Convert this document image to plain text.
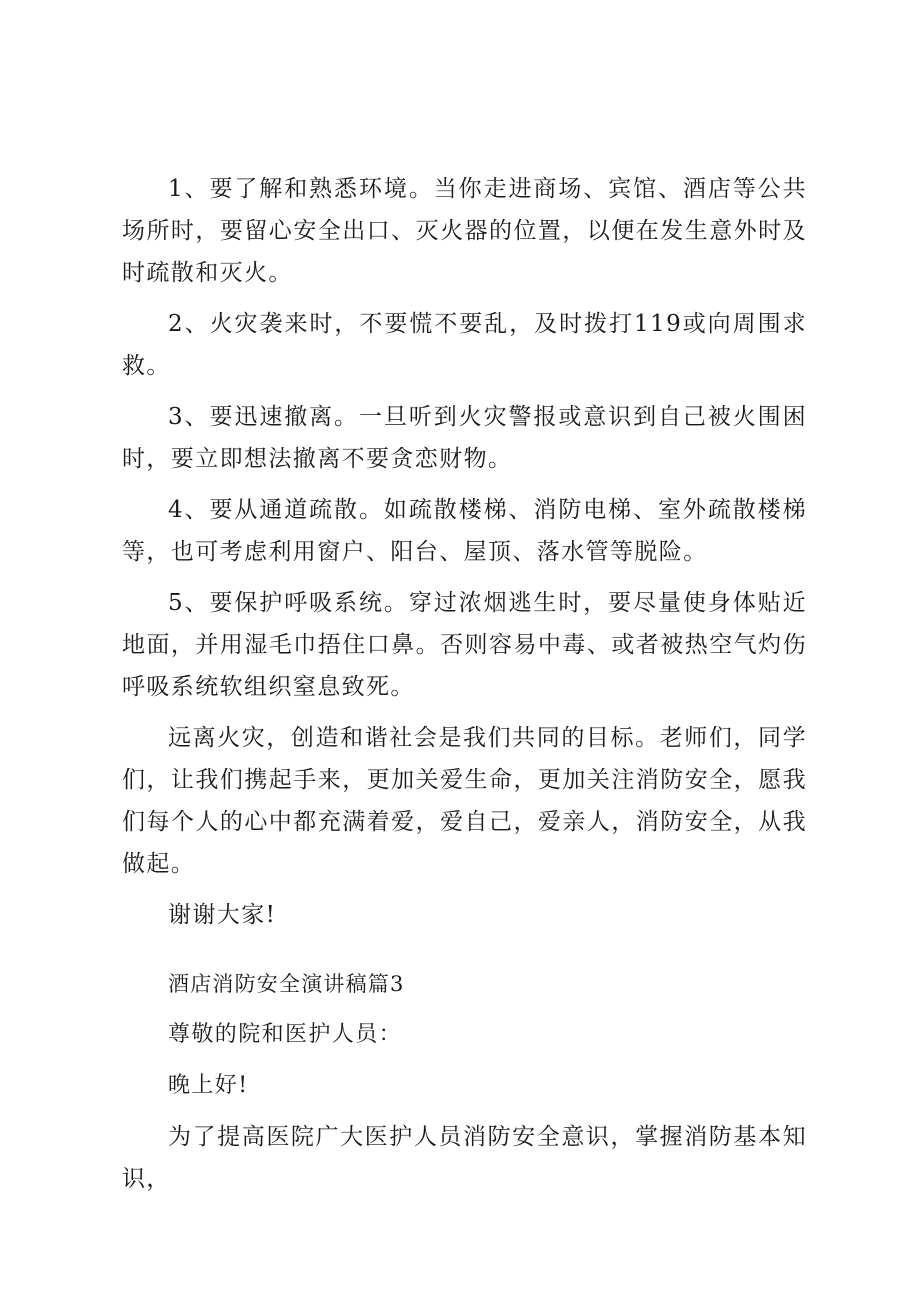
1、要了解和熟悉环境。当你走进商场、宾馆、酒店等公共场所时，要留心安全出口、灭火器的位置，以便在发生意外时及时疏散和灭火。

2、火灾袭来时，不要慌不要乱，及时拨打119或向周围求救。

3、要迅速撤离。一旦听到火灾警报或意识到自己被火围困时，要立即想法撤离不要贪恋财物。

4、要从通道疏散。如疏散楼梯、消防电梯、室外疏散楼梯等，也可考虑利用窗户、阳台、屋顶、落水管等脱险。

5、要保护呼吸系统。穿过浓烟逃生时，要尽量使身体贴近地面，并用湿毛巾捂住口鼻。否则容易中毒、或者被热空气灼伤呼吸系统软组织窒息致死。

远离火灾，创造和谐社会是我们共同的目标。老师们，同学们，让我们携起手来，更加关爱生命，更加关注消防安全，愿我们每个人的心中都充满着爱，爱自己，爱亲人，消防安全，从我做起。

谢谢大家!

酒店消防安全演讲稿篇3

尊敬的院和医护人员：

晚上好!

为了提高医院广大医护人员消防安全意识，掌握消防基本知识，
